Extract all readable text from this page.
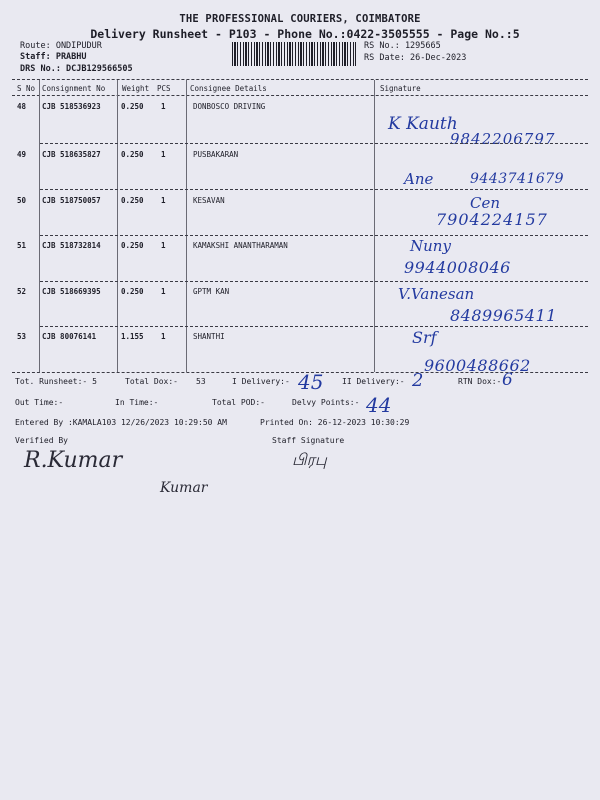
THE PROFESSIONAL COURIERS, COIMBATORE
Delivery Runsheet - P103 - Phone No.:0422-3505555 - Page No.:5
Route: ONDIPUDUR
Staff: PRABHU
DRS No.: DCJB129566505
RS No.: 1295665
RS Date: 26-Dec-2023
S No Consignment No Weight PCS	Consignee Details	Signature
48 CJB 518536923	0.250 1	DONBOSCO DRIVING
K Kauth
9842206797
49 CJB 518635827	0.250 1	PUSBAKARAN
Ane	9443741679
50 CJB 518750057	0.250 1	KESAVAN	Cen
7904224157
51 CJB 518732814	0.250 1	KAMAKSHI ANANTHARAMAN	Nuny
9944008046
52 CJB 518669395	0.250 1	GPTM KAN	V.Vanesan
8489965411
53 CJB 80076141	1.155 1	SHANTHI	Srf
9600488662
Tot. Runsheet:- 5	Total Dox:- 53	I Delivery:- 45 II Delivery:- 2	RTN Dox:- 6
Out Time:-	In Time:-	Total POD:-	Delvy Points:- 44
Entered By :KAMALA103 12/26/2023 10:29:50 AM	Printed On: 26-12-2023 10:30:29
Verified By	Staff Signature
R.Kumar
Kumar
பிரபு
